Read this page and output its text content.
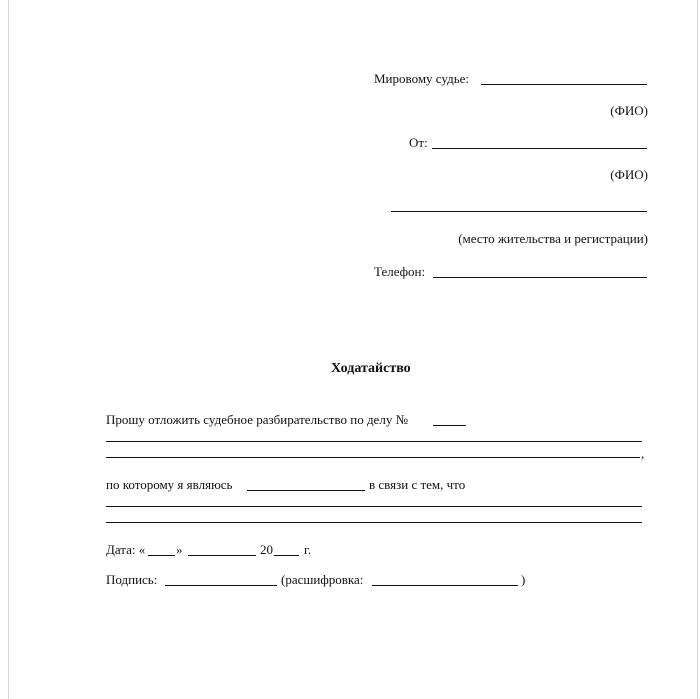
Мировому судье:
(ФИО)
От:
(ФИО)
(место жительства и регистрации)
Телефон:
Ходатайство
Прошу отложить судебное разбирательство по делу №
,
по которому я являюсь	в связи с тем, что
Дата: « »	20 г.
Подпись:	(расшифровка:	)
